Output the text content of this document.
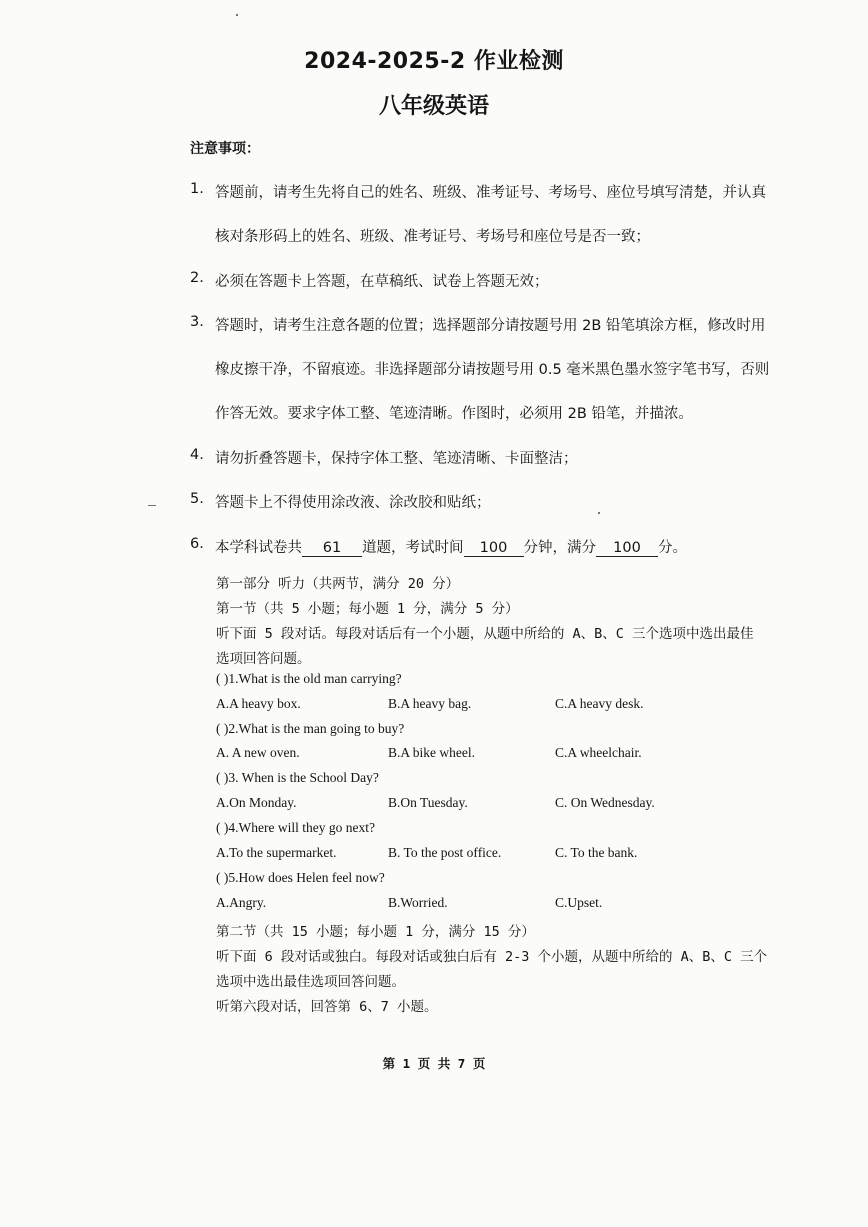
2024-2025-2 作业检测
八年级英语
注意事项：
1. 答题前，请考生先将自己的姓名、班级、准考证号、考场号、座位号填写清楚，并认真
核对条形码上的姓名、班级、准考证号、考场号和座位号是否一致；
2. 必须在答题卡上答题，在草稿纸、试卷上答题无效；
3. 答题时，请考生注意各题的位置；选择题部分请按题号用 2B 铅笔填涂方框，修改时用
橡皮擦干净，不留痕迹。非选择题部分请按题号用 0.5 毫米黑色墨水签字笔书写，否则
作答无效。要求字体工整、笔迹清晰。作图时，必须用 2B 铅笔，并描浓。
4. 请勿折叠答题卡，保持字体工整、笔迹清晰、卡面整洁；
5. 答题卡上不得使用涂改液、涂改胶和贴纸；
6. 本学科试卷共 61 道题，考试时间 100 分钟，满分 100 分。
第一部分 听力（共两节，满分 20 分）
第一节（共 5 小题；每小题 1 分，满分 5 分）
听下面 5 段对话。每段对话后有一个小题，从题中所给的 A、B、C 三个选项中选出最佳
选项回答问题。
( )1.What is the old man carrying?
A.A heavy box.	B.A heavy bag.	C.A heavy desk.
( )2.What is the man going to buy?
A. A new oven.	B.A bike wheel.	C.A wheelchair.
( )3. When is the School Day?
A.On Monday.	B.On Tuesday.	C. On Wednesday.
( )4.Where will they go next?
A.To the supermarket.	B. To the post office.	C. To the bank.
( )5.How does Helen feel now?
A.Angry.	B.Worried.	C.Upset.
第二节（共 15 小题；每小题 1 分，满分 15 分）
听下面 6 段对话或独白。每段对话或独白后有 2-3 个小题，从题中所给的 A、B、C 三个
选项中选出最佳选项回答问题。
听第六段对话，回答第 6、7 小题。
第 1 页 共 7 页
